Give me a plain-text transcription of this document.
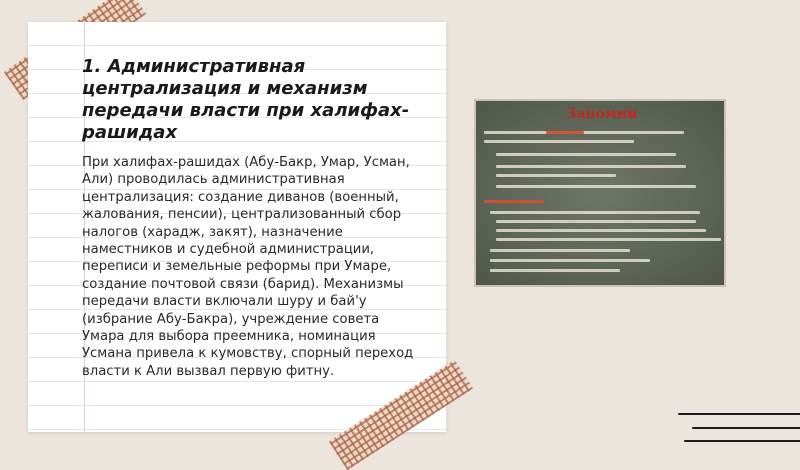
1. Административная централизация и механизм передачи власти при халифах-рашидах

При халифах-рашидах (Абу-Бакр, Умар, Усман, Али) проводилась административная централизация: создание диванов (военный, жалования, пенсии), централизованный сбор налогов (харадж, закят), назначение наместников и судебной администрации, переписи и земельные реформы при Умаре, создание почтовой связи (барид). Механизмы передачи власти включали шуру и бай'у (избрание Абу-Бакра), учреждение совета Умара для выбора преемника, номинация Усмана привела к кумовству, спорный переход власти к Али вызвал первую фитну.

Запомни
